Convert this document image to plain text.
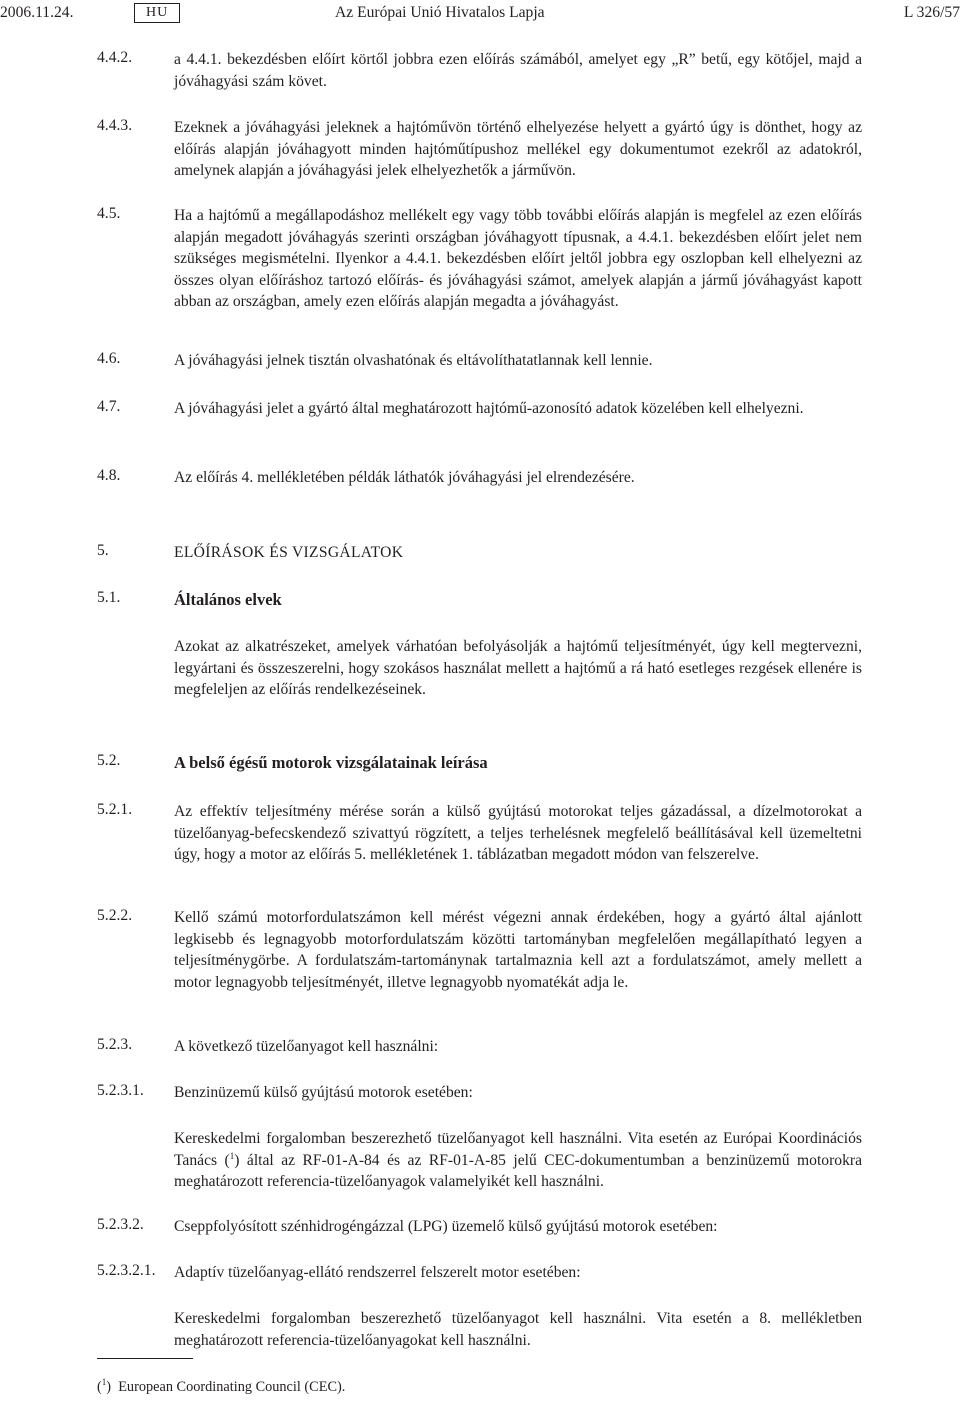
2006.11.24.	HU	Az Európai Unió Hivatalos Lapja	L 326/57
4.4.2.	a 4.4.1. bekezdésben előírt körtől jobbra ezen előírás számából, amelyet egy „R” betű, egy kötőjel, majd a jóváhagyási szám követ.
4.4.3.	Ezeknek a jóváhagyási jeleknek a hajtóművön történő elhelyezése helyett a gyártó úgy is dönthet, hogy az előírás alapján jóváhagyott minden hajtóműtípushoz mellékel egy dokumentumot ezekről az adatokról, amelynek alapján a jóváhagyási jelek elhelyezhetők a járművön.
4.5.	Ha a hajtómű a megállapodáshoz mellékelt egy vagy több további előírás alapján is megfelel az ezen előírás alapján megadott jóváhagyás szerinti országban jóváhagyott típusnak, a 4.4.1. bekezdésben előírt jelet nem szükséges megismételni. Ilyenkor a 4.4.1. bekezdésben előírt jeltől jobbra egy oszlopban kell elhelyezni az összes olyan előíráshoz tartozó előírás- és jóváhagyási számot, amelyek alapján a jármű jóváhagyást kapott abban az országban, amely ezen előírás alapján megadta a jóváhagyást.
4.6.	A jóváhagyási jelnek tisztán olvashatónak és eltávolíthatatlannak kell lennie.
4.7.	A jóváhagyási jelet a gyártó által meghatározott hajtómű-azonosító adatok közelében kell elhelyezni.
4.8.	Az előírás 4. mellékletében példák láthatók jóváhagyási jel elrendezésére.
5.	ELŐÍRÁSOK ÉS VIZSGÁLATOK
5.1.	Általános elvek
Azokat az alkatrészeket, amelyek várhatóan befolyásolják a hajtómű teljesítményét, úgy kell megtervezni, legyártani és összeszerelni, hogy szokásos használat mellett a hajtómű a rá ható esetleges rezgések ellenére is megfeleljen az előírás rendelkezéseinek.
5.2.	A belső égésű motorok vizsgálatainak leírása
5.2.1.	Az effektív teljesítmény mérése során a külső gyújtású motorokat teljes gázadással, a dízelmotorokat a tüzelőanyag-befecskendező szivattyú rögzített, a teljes terhelésnek megfelelő beállításával kell üzemeltetni úgy, hogy a motor az előírás 5. mellékletének 1. táblázatban megadott módon van felszerelve.
5.2.2.	Kellő számú motorfordulatszámon kell mérést végezni annak érdekében, hogy a gyártó által ajánlott legkisebb és legnagyobb motorfordulatszám közötti tartományban megfelelően megállapítható legyen a teljesítménygörbe. A fordulatszám-tartománynak tartalmaznia kell azt a fordulatszámot, amely mellett a motor legnagyobb teljesítményét, illetve legnagyobb nyomatékát adja le.
5.2.3.	A következő tüzelőanyagot kell használni:
5.2.3.1. Benzinüzemű külső gyújtású motorok esetében:
Kereskedelmi forgalomban beszerezhető tüzelőanyagot kell használni. Vita esetén az Európai Koordinációs Tanács ($^1$) által az RF-01-A-84 és az RF-01-A-85 jelű CEC-dokumentumban a benzinüzemű motorokra meghatározott referencia-tüzelőanyagok valamelyikét kell használni.
5.2.3.2. Cseppfolyósított szénhidrogéngázzal (LPG) üzemelő külső gyújtású motorok esetében:
5.2.3.2.1. Adaptív tüzelőanyag-ellátó rendszerrel felszerelt motor esetében:
Kereskedelmi forgalomban beszerezhető tüzelőanyagot kell használni. Vita esetén a 8. mellékletben meghatározott referencia-tüzelőanyagokat kell használni.
($^1$)  European Coordinating Council (CEC).
